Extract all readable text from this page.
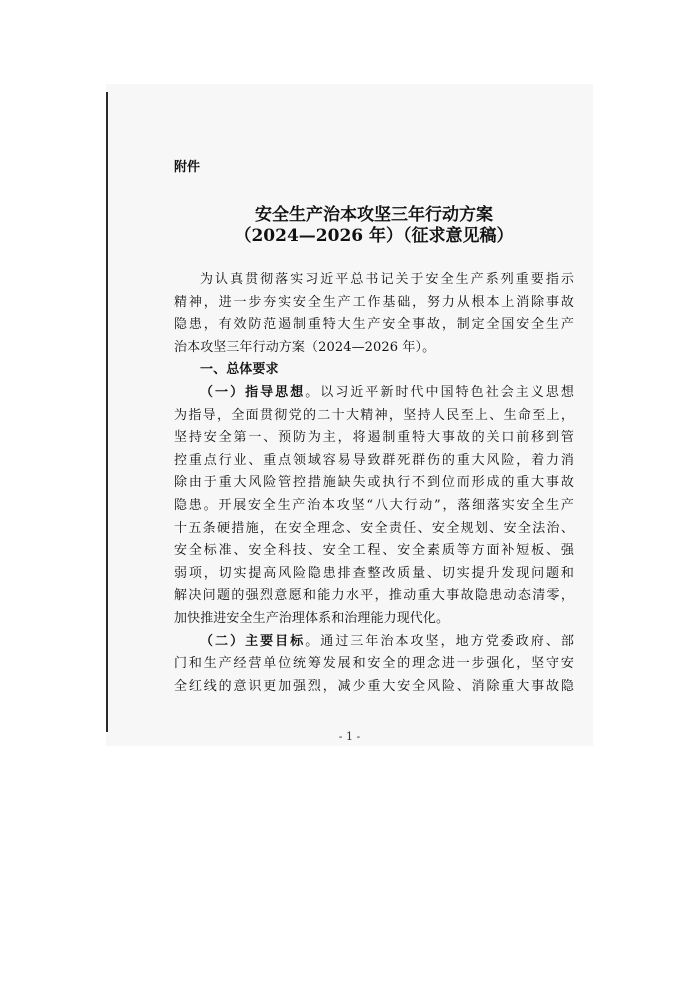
附件
安全生产治本攻坚三年行动方案
（2024—2026 年）（征求意见稿）
为认真贯彻落实习近平总书记关于安全生产系列重要指示
精神，进一步夯实安全生产工作基础，努力从根本上消除事故
隐患，有效防范遏制重特大生产安全事故，制定全国安全生产
治本攻坚三年行动方案（2024—2026 年）。
一、总体要求
（一）指导思想。以习近平新时代中国特色社会主义思想
为指导，全面贯彻党的二十大精神，坚持人民至上、生命至上，
坚持安全第一、预防为主，将遏制重特大事故的关口前移到管
控重点行业、重点领域容易导致群死群伤的重大风险，着力消
除由于重大风险管控措施缺失或执行不到位而形成的重大事故
隐患。开展安全生产治本攻坚“八大行动”，落细落实安全生产
十五条硬措施，在安全理念、安全责任、安全规划、安全法治、
安全标准、安全科技、安全工程、安全素质等方面补短板、强
弱项，切实提高风险隐患排查整改质量、切实提升发现问题和
解决问题的强烈意愿和能力水平，推动重大事故隐患动态清零，
加快推进安全生产治理体系和治理能力现代化。
（二）主要目标。通过三年治本攻坚，地方党委政府、部
门和生产经营单位统筹发展和安全的理念进一步强化，坚守安
全红线的意识更加强烈，减少重大安全风险、消除重大事故隐
- 1 -
